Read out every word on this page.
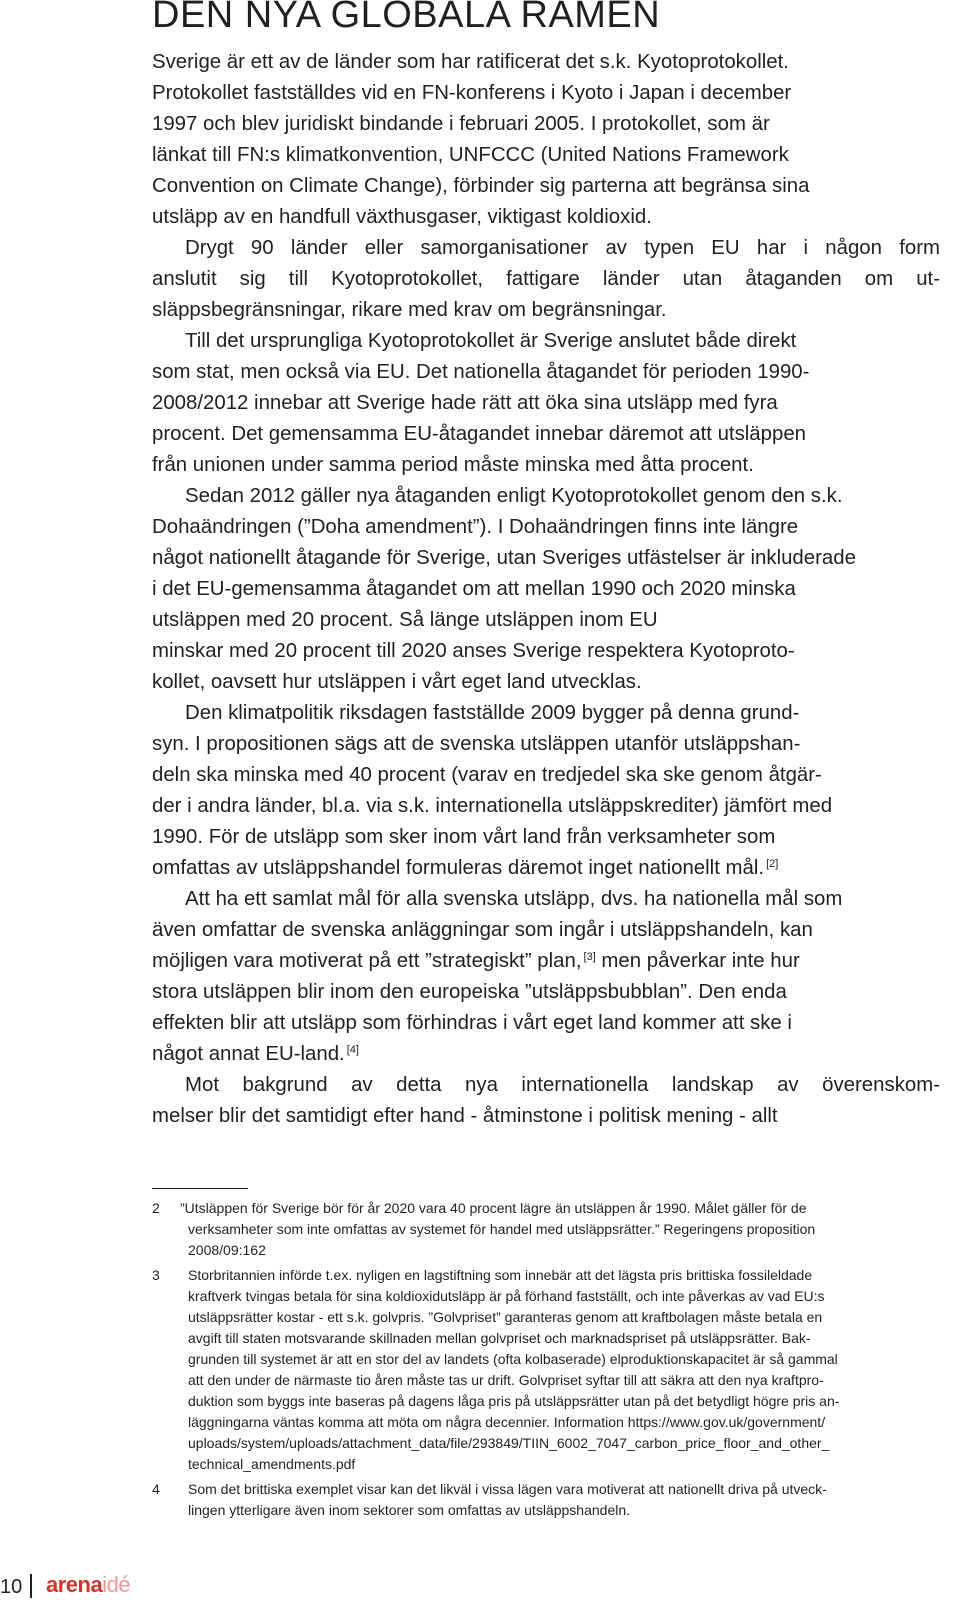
DEN NYA GLOBALA RAMEN
Sverige är ett av de länder som har ratificerat det s.k. Kyotoprotokollet.
Protokollet fastställdes vid en FN-konferens i Kyoto i Japan i december
1997 och blev juridiskt bindande i februari 2005. I protokollet, som är
länkat till FN:s klimatkonvention, UNFCCC (United Nations Framework
Convention on Climate Change), förbinder sig parterna att begränsa sina
utsläpp av en handfull växthusgaser, viktigast koldioxid.
Drygt 90 länder eller samorganisationer av typen EU har i någon form
anslutit sig till Kyotoprotokollet, fattigare länder utan åtaganden om ut-
släppsbegränsningar, rikare med krav om begränsningar.
Till det ursprungliga Kyotoprotokollet är Sverige anslutet både direkt
som stat, men också via EU. Det nationella åtagandet för perioden 1990-
2008/2012 innebar att Sverige hade rätt att öka sina utsläpp med fyra
procent. Det gemensamma EU-åtagandet innebar däremot att utsläppen
från unionen under samma period måste minska med åtta procent.
Sedan 2012 gäller nya åtaganden enligt Kyotoprotokollet genom den s.k.
Dohaändringen (”Doha amendment”). I Dohaändringen finns inte längre
något nationellt åtagande för Sverige, utan Sveriges utfästelser är inkluderade
i det EU-gemensamma åtagandet om att mellan 1990 och 2020 minska
utsläppen med 20 procent. Så länge utsläppen inom EU
minskar med 20 procent till 2020 anses Sverige respektera Kyotoproto-
kollet, oavsett hur utsläppen i vårt eget land utvecklas.
Den klimatpolitik riksdagen fastställde 2009 bygger på denna grund-
syn. I propositionen sägs att de svenska utsläppen utanför utsläppshan-
deln ska minska med 40 procent (varav en tredjedel ska ske genom åtgär-
der i andra länder, bl.a. via s.k. internationella utsläppskrediter) jämfört med
1990. För de utsläpp som sker inom vårt land från verksamheter som
omfattas av utsläppshandel formuleras däremot inget nationellt mål. [2]
Att ha ett samlat mål för alla svenska utsläpp, dvs. ha nationella mål som
även omfattar de svenska anläggningar som ingår i utsläppshandeln, kan
möjligen vara motiverat på ett ”strategiskt” plan, [3] men påverkar inte hur
stora utsläppen blir inom den europeiska ”utsläppsbubblan”. Den enda
effekten blir att utsläpp som förhindras i vårt eget land kommer att ske i
något annat EU-land. [4]
Mot bakgrund av detta nya internationella landskap av överenskom-
melser blir det samtidigt efter hand - åtminstone i politisk mening - allt
2	”Utsläppen för Sverige bör för år 2020 vara 40 procent lägre än utsläppen år 1990. Målet gäller för de
verksamheter som inte omfattas av systemet för handel med utsläppsrätter.” Regeringens proposition
2008/09:162
3	Storbritannien införde t.ex. nyligen en lagstiftning som innebär att det lägsta pris brittiska fossileldade
kraftverk tvingas betala för sina koldioxidutsläpp är på förhand fastställt, och inte påverkas av vad EU:s
utsläppsrätter kostar - ett s.k. golvpris. ”Golvpriset” garanteras genom att kraftbolagen måste betala en
avgift till staten motsvarande skillnaden mellan golvpriset och marknadspriset på utsläppsrätter. Bak-
grunden till systemet är att en stor del av landets (ofta kolbaserade) elproduktionskapacitet är så gammal
att den under de närmaste tio åren måste tas ur drift. Golvpriset syftar till att säkra att den nya kraftpro-
duktion som byggs inte baseras på dagens låga pris på utsläppsrätter utan på det betydligt högre pris an-
läggningarna väntas komma att möta om några decennier. Information https://www.gov.uk/government/
uploads/system/uploads/attachment_data/file/293849/TIIN_6002_7047_carbon_price_floor_and_other_
technical_amendments.pdf
4	Som det brittiska exemplet visar kan det likväl i vissa lägen vara motiverat att nationellt driva på utveck-
lingen ytterligare även inom sektorer som omfattas av utsläppshandeln.
10 arenaidé
